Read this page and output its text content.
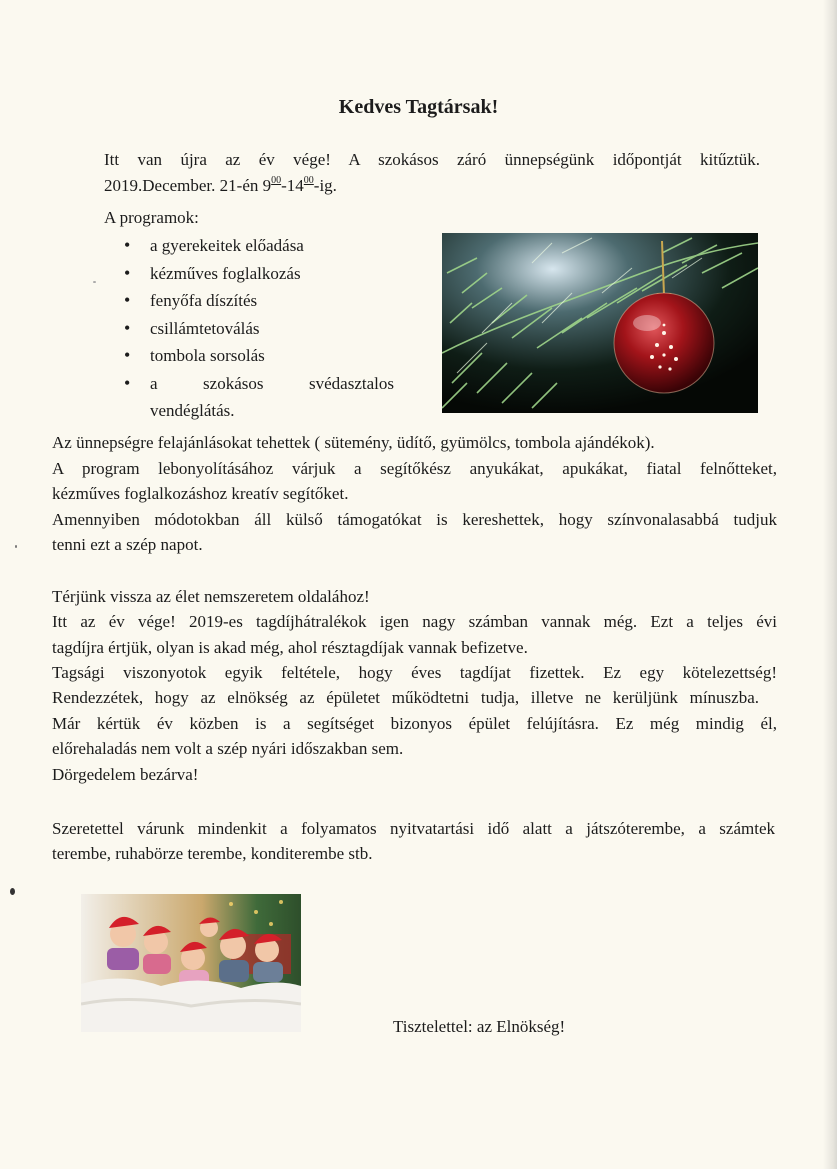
Kedves Tagtársak!

Itt van újra az év vége! A szokásos záró ünnepségünk időpontját kitűztük.

2019.December. 21-én $9^{00}-14^{00}-ig$.

A programok:

• a gyerekeitek előadása
• kézműves foglalkozás
• fenyőfa díszítés
• csillámtetoválás
• tombola sorsolás
• a szokásos svédasztalos vendéglátás.

Az ünnepségre felajánlásokat tehettek ( sütemény, üdítő, gyümölcs, tombola ajándékok).

A program lebonyolításához várjuk a segítőkész anyukákat, apukákat, fiatal felnőtteket,

kézműves foglalkozáshoz kreatív segítőket.

Amennyiben módotokban áll külső támogatókat is kereshettek, hogy színvonalasabbá tudjuk

tenni ezt a szép napot.

Térjünk vissza az élet nemszeretem oldalához!

Itt az év vége! 2019-es tagdíjhátralékok igen nagy számban vannak még. Ezt a teljes évi

tagdíjra értjük, olyan is akad még, ahol résztagdíjak vannak befizetve.

Tagsági viszonyotok egyik feltétele, hogy éves tagdíjat fizettek. Ez egy kötelezettség!

Rendezzétek, hogy az elnökség az épületet működtetni tudja, illetve ne kerüljünk mínuszba.

Már kértük év közben is a segítséget bizonyos épület felújításra. Ez még mindig él,

előrehaladás nem volt a szép nyári időszakban sem.

Dörgedelem bezárva!

Szeretettel várunk mindenkit a folyamatos nyitvatartási idő alatt a játszóterembe, a számtek

terembe, ruhabörze terembe, konditerembe stb.

Tisztelettel: az Elnökség!
